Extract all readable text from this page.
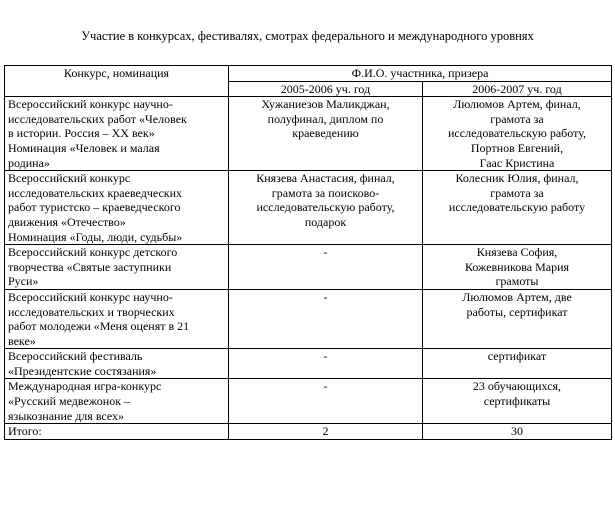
Участие в конкурсах, фестивалях, смотрах федерального и международного уровнях
Конкурс, номинация	Ф.И.О. участника, призера	
	2005-2006 уч. год	2006-2007 уч. год

Всероссийский конкурс научно-
исследовательских работ «Человек
в истории. Россия – XX век»
Номинация «Человек и малая
родина»	Хужаниезов Маликджан,
полуфинал, диплом по
краеведению	Люлюмов Артем, финал,
грамота за
исследовательскую работу,
Портнов Евгений,
Гаас Кристина

Всероссийский конкурс
исследовательских краеведческих
работ туристско – краеведческого
движения «Отечество»
Номинация «Годы, люди, судьбы»	Князева Анастасия, финал,
грамота за поисково-
исследовательскую работу,
подарок	Колесник Юлия, финал,
грамота за
исследовательскую работу

Всероссийский конкурс детского
творчества «Святые заступники
Руси»	-	Князева София,
Кожевникова Мария
грамоты

Всероссийский конкурс научно-
исследовательских и творческих
работ молодежи «Меня оценят в 21
веке»	-	Люлюмов Артем, две
работы, сертификат

Всероссийский фестиваль
«Президентские состязания»	-	сертификат

Международная игра-конкурс
«Русский медвежонок –
языкознание для всех»	-	23 обучающихся,
сертификаты

Итого:	2	30
